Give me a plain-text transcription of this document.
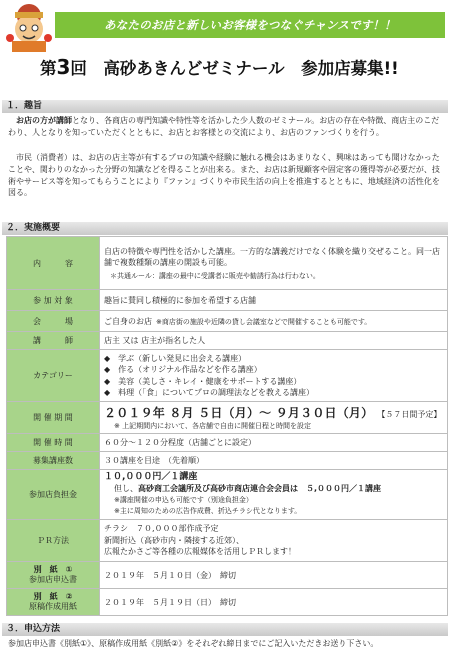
あなたのお店と新しいお客様をつなぐチャンスです！！
第3回　高砂あきんどゼミナール　参加店募集!!
１．趣旨
 お店の方が講師となり、各商店の専門知識や特性等を活かした少人数のゼミナール。お店の存在や特徴、商店主のこだわり、人となりを知っていただくとともに、お店とお客様との交流により、お店のファンづくりを行う。
 市民（消費者）は、お店の店主等が有するプロの知識や経験に触れる機会はあまりなく、興味はあっても聞けなかったことや、関わりのなかった分野の知識などを得ることが出来る。また、お店は新規顧客や固定客の獲得等が必要だが、技術やサービス等を知ってもらうことにより『ファン』づくりや市民生活の向上を推進するとともに、地域経済の活性化を図る。
２．実施概要
内　　　容	自店の特徴や専門性を活かした講座。一方的な講義だけでなく体験を織り交ぜること。同一店舗で複数種類の講座の開設も可能。
＊共通ルール：講座の最中に受講者に販売や勧誘行為は行わない。

参 加 対 象	趣旨に賛同し積極的に参加を希望する店舗
会　　　場	ご自身のお店  ※商店街の施設や近隣の貸し会議室などで開催することも可能です。
講　　　師	店主 又は 店主が指名した人
カテゴリー	◆　学ぶ（新しい発見に出会える講座）
◆　作る（オリジナル作品などを作る講座）
◆　美容（美しさ・キレイ・健康をサポートする講座）
◆　料理（「食」についてプロの調理法などを教える講座）

開 催 期 間	２０１９年 ８月 ５日（月）～ ９月３０日（月）  【５７日間予定】
※ 上記期間内において、各店舗で自由に開催日程と時間を設定

開 催 時 間	６０分～１２０分程度（店舗ごとに設定）
募集講座数	３０講座を目途　（先着順）
参加店負担金	１０,０００円／１講座
但し、高砂商工会議所及び高砂市商店連合会会員は　５,０００円／１講座
※講座開催の申込も可能です（別途負担金）
※主に周知のための広告作成費、折込チラシ代となります。

ＰＲ方法	チラシ　７０,０００部作成予定
新聞折込（高砂市内・隣接する近郊）、
広報たかさご等各種の広報媒体を活用しＰＲします！

別　紙　①
参加店申込書	２０１９年　５月１０日（金）　締切

別　紙　②
原稿作成用紙	２０１９年　５月１９日（日）　締切
３．申込方法
参加店申込書《別紙①》、原稿作成用紙《別紙②》をそれぞれ締日までにご記入いただきお送り下さい。
